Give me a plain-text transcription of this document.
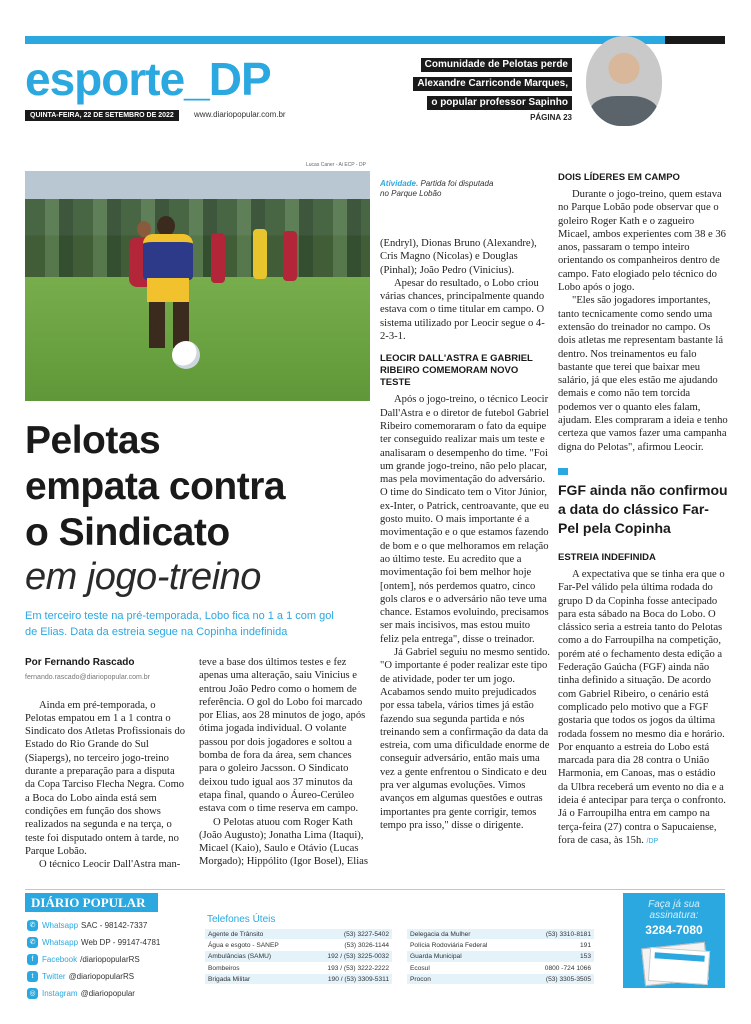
esporte_DP
QUINTA-FEIRA, 22 DE SETEMBRO DE 2022	www.diariopopular.com.br
Comunidade de Pelotas perde
Alexandre Carriconde Marques,
o popular professor Sapinho
PÁGINA 23
Lucas Caner - Ai ECP - DP
Atividade. Partida foi disputada no Parque Lobão
Pelotas
empata contra
o Sindicato
em jogo-treino
Em terceiro teste na pré-temporada, Lobo fica no 1 a 1 com gol de Elias. Data da estreia segue na Copinha indefinida

Por Fernando Rascado

fernando.rascado@diariopopular.com.br

Ainda em pré-temporada, o Pelotas empatou em 1 a 1 contra o Sindicato dos Atletas Profissionais do Estado do Rio Grande do Sul (Siapergs), no terceiro jogo-treino durante a preparação para a disputa da Copa Tarciso Flecha Negra. Como a Boca do Lobo ainda está sem condições em função dos shows realizados na segunda e na terça, o teste foi disputado ontem à tarde, no Parque Lobão.

O técnico Leocir Dall'Astra man-

teve a base dos últimos testes e fez apenas uma alteração, saiu Vinicius e entrou João Pedro como o homem de referência. O gol do Lobo foi marcado por Elias, aos 28 minutos de jogo, após ótima jogada individual. O volante passou por dois jogadores e soltou a bomba de fora da área, sem chances para o goleiro Jacsson. O Sindicato deixou tudo igual aos 37 minutos da etapa final, quando o Áureo-Cerúleo estava com o time reserva em campo.

O Pelotas atuou com Roger Kath (João Augusto); Jonatha Lima (Itaqui), Micael (Kaio), Saulo e Otávio (Lucas Morgado); Hippólito (Igor Bosel), Elias

(Endryl), Dionas Bruno (Alexandre), Cris Magno (Nicolas) e Douglas (Pinhal); João Pedro (Vinicius).

Apesar do resultado, o Lobo criou várias chances, principalmente quando estava com o time titular em campo. O sistema utilizado por Leocir segue o 4-2-3-1.

LEOCIR DALL'ASTRA E GABRIEL RIBEIRO COMEMORAM NOVO TESTE

Após o jogo-treino, o técnico Leocir Dall'Astra e o diretor de futebol Gabriel Ribeiro comemoraram o fato da equipe ter conseguido realizar mais um teste e analisaram o desempenho do time. "Foi um grande jogo-treino, não pelo placar, mas pela movimentação do adversário. O time do Sindicato tem o Vitor Júnior, ex-Inter, o Patrick, centroavante, que eu gosto muito. O mais importante é a movimentação e o que estamos fazendo de bom e o que melhoramos em relação ao último teste. Eu acredito que a movimentação foi bem melhor hoje [ontem], nós perdemos quatro, cinco gols claros e o adversário não teve uma chance. Estamos evoluindo, precisamos ser mais incisivos, mas estou muito feliz pela entrega", disse o treinador.

Já Gabriel seguiu no mesmo sentido. "O importante é poder realizar este tipo de atividade, poder ter um jogo. Acabamos sendo muito prejudicados por essa tabela, vários times já estão fazendo sua segunda partida e nós treinando sem a confirmação da data da estreia, com uma dificuldade enorme de conseguir adversário, então mais uma vez a gente enfrentou o Sindicato e deu pra ver algumas evoluções. Vimos avanços em algumas questões e outras importantes pra gente corrigir, temos tempo pra isso," disse o dirigente.

DOIS LÍDERES EM CAMPO

Durante o jogo-treino, quem estava no Parque Lobão pode observar que o goleiro Roger Kath e o zagueiro Micael, ambos experientes com 38 e 36 anos, passaram o tempo inteiro orientando os companheiros dentro de campo. Fato elogiado pelo técnico do Lobo após o jogo.

"Eles são jogadores importantes, tanto tecnicamente como sendo uma extensão do treinador no campo. Os dois atletas me representam bastante lá dentro. Nos treinamentos eu falo bastante que terei que baixar meu salário, já que eles estão me ajudando demais e como não tem torcida podemos ver o quanto eles falam, ajudam. Eles compraram a ideia e tenho certeza que vamos fazer uma campanha digna do Pelotas", afirmou Leocir.

FGF ainda não confirmou a data do clássico Far-Pel pela Copinha

ESTREIA INDEFINIDA

A expectativa que se tinha era que o Far-Pel válido pela última rodada do grupo D da Copinha fosse antecipado para esta sábado na Boca do Lobo. O clássico seria a estreia tanto do Pelotas como a do Farroupilha na competição, porém até o fechamento desta edição a Federação Gaúcha (FGF) ainda não tinha definido a situação. De acordo com Gabriel Ribeiro, o cenário está complicado pelo motivo que a FGF gostaria que todos os jogos da última rodada fossem no mesmo dia e horário. Por enquanto a estreia do Lobo está marcada para dia 28 contra o União Harmonia, em Canoas, mas o estádio da Ulbra receberá um evento no dia e a ideia é antecipar para terça o confronto. Já o Farroupilha entra em campo na terça-feira (27) contra o Sapucaiense, fora de casa, às 15h. /DP

DIÁRIO POPULAR
✆ Whatsapp SAC - 98142-7337
✆ Whatsapp Web DP - 99147-4781
f	Facebook /diariopopularRS
t	Twitter @diariopopularRS
◎ Instagram @diariopopular
Telefones Úteis
Agente de Trânsito	(53) 3227-5402
Água e esgoto - SANEP	(53) 3026-1144
Ambulâncias (SAMU)	192 / (53) 3225-0032
Bombeiros	193 / (53) 3222-2222
Brigada Militar	190 / (53) 3309-5311
Delegacia da Mulher	(53) 3310-8181
Polícia Rodoviária Federal	191
Guarda Municipal	153
Ecosul	0800 -724 1066
Procon	(53) 3305-3505
Faça já sua
assinatura:
3284-7080
